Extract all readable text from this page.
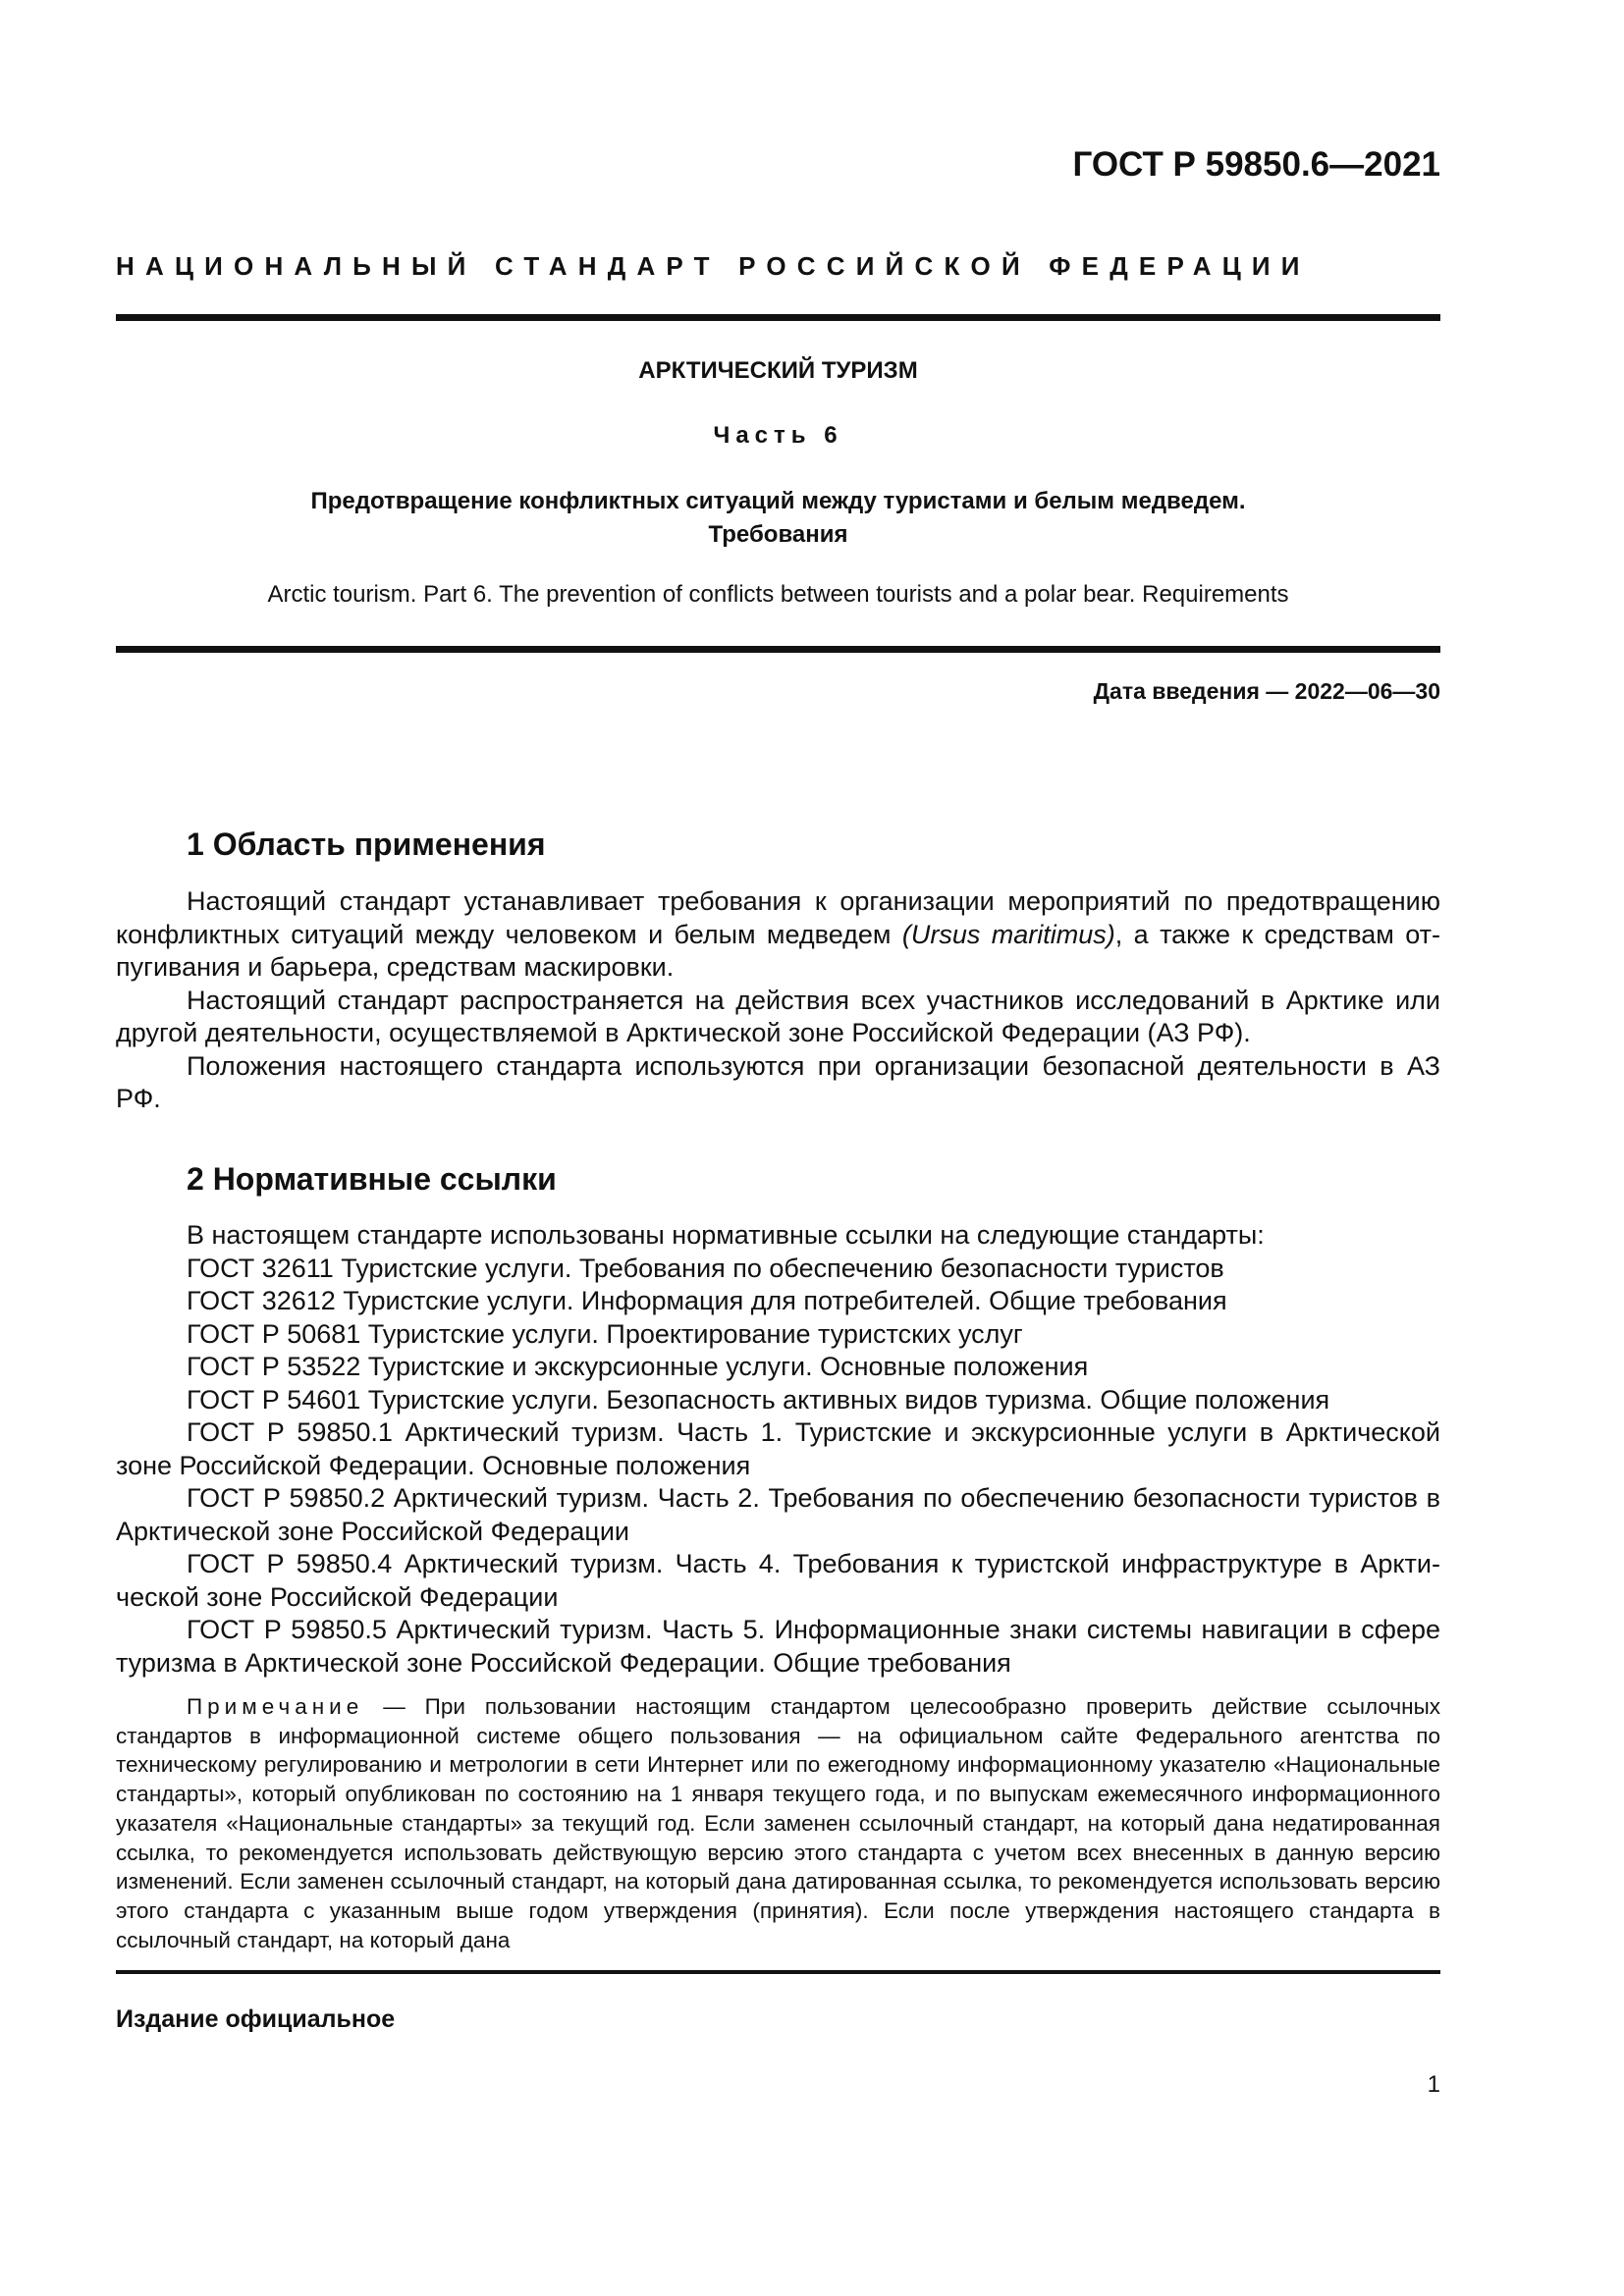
ГОСТ Р 59850.6—2021
НАЦИОНАЛЬНЫЙ СТАНДАРТ РОССИЙСКОЙ ФЕДЕРАЦИИ
АРКТИЧЕСКИЙ ТУРИЗМ
Часть 6
Предотвращение конфликтных ситуаций между туристами и белым медведем.
Требования
Arctic tourism. Part 6. The prevention of conflicts between tourists and a polar bear. Requirements
Дата введения — 2022—06—30
1 Область применения

Настоящий стандарт устанавливает требования к организации мероприятий по предотвращению конфликтных ситуаций между человеком и белым медведем (Ursus maritimus), а также к средствам отпугивания и барьера, средствам маскировки.

Настоящий стандарт распространяется на действия всех участников исследований в Арктике или другой деятельности, осуществляемой в Арктической зоне Российской Федерации (АЗ РФ).

Положения настоящего стандарта используются при организации безопасной деятельности в АЗ РФ.

2 Нормативные ссылки

В настоящем стандарте использованы нормативные ссылки на следующие стандарты:

ГОСТ 32611 Туристские услуги. Требования по обеспечению безопасности туристов

ГОСТ 32612 Туристские услуги. Информация для потребителей. Общие требования

ГОСТ Р 50681 Туристские услуги. Проектирование туристских услуг

ГОСТ Р 53522 Туристские и экскурсионные услуги. Основные положения

ГОСТ Р 54601 Туристские услуги. Безопасность активных видов туризма. Общие положения

ГОСТ Р 59850.1 Арктический туризм. Часть 1. Туристские и экскурсионные услуги в Арктической зоне Российской Федерации. Основные положения

ГОСТ Р 59850.2 Арктический туризм. Часть 2. Требования по обеспечению безопасности туристов в Арктической зоне Российской Федерации

ГОСТ Р 59850.4 Арктический туризм. Часть 4. Требования к туристской инфраструктуре в Арктической зоне Российской Федерации

ГОСТ Р 59850.5 Арктический туризм. Часть 5. Информационные знаки системы навигации в сфере туризма в Арктической зоне Российской Федерации. Общие требования

Примечание — При пользовании настоящим стандартом целесообразно проверить действие ссылочных стандартов в информационной системе общего пользования — на официальном сайте Федерального агентства по техническому регулированию и метрологии в сети Интернет или по ежегодному информационному указателю «Национальные стандарты», который опубликован по состоянию на 1 января текущего года, и по выпускам ежемесячного информационного указателя «Национальные стандарты» за текущий год. Если заменен ссылочный стандарт, на который дана недатированная ссылка, то рекомендуется использовать действующую версию этого стандарта с учетом всех внесенных в данную версию изменений. Если заменен ссылочный стандарт, на который дана датированная ссылка, то рекомендуется использовать версию этого стандарта с указанным выше годом утверждения (принятия). Если после утверждения настоящего стандарта в ссылочный стандарт, на который дана
Издание официальное
1
